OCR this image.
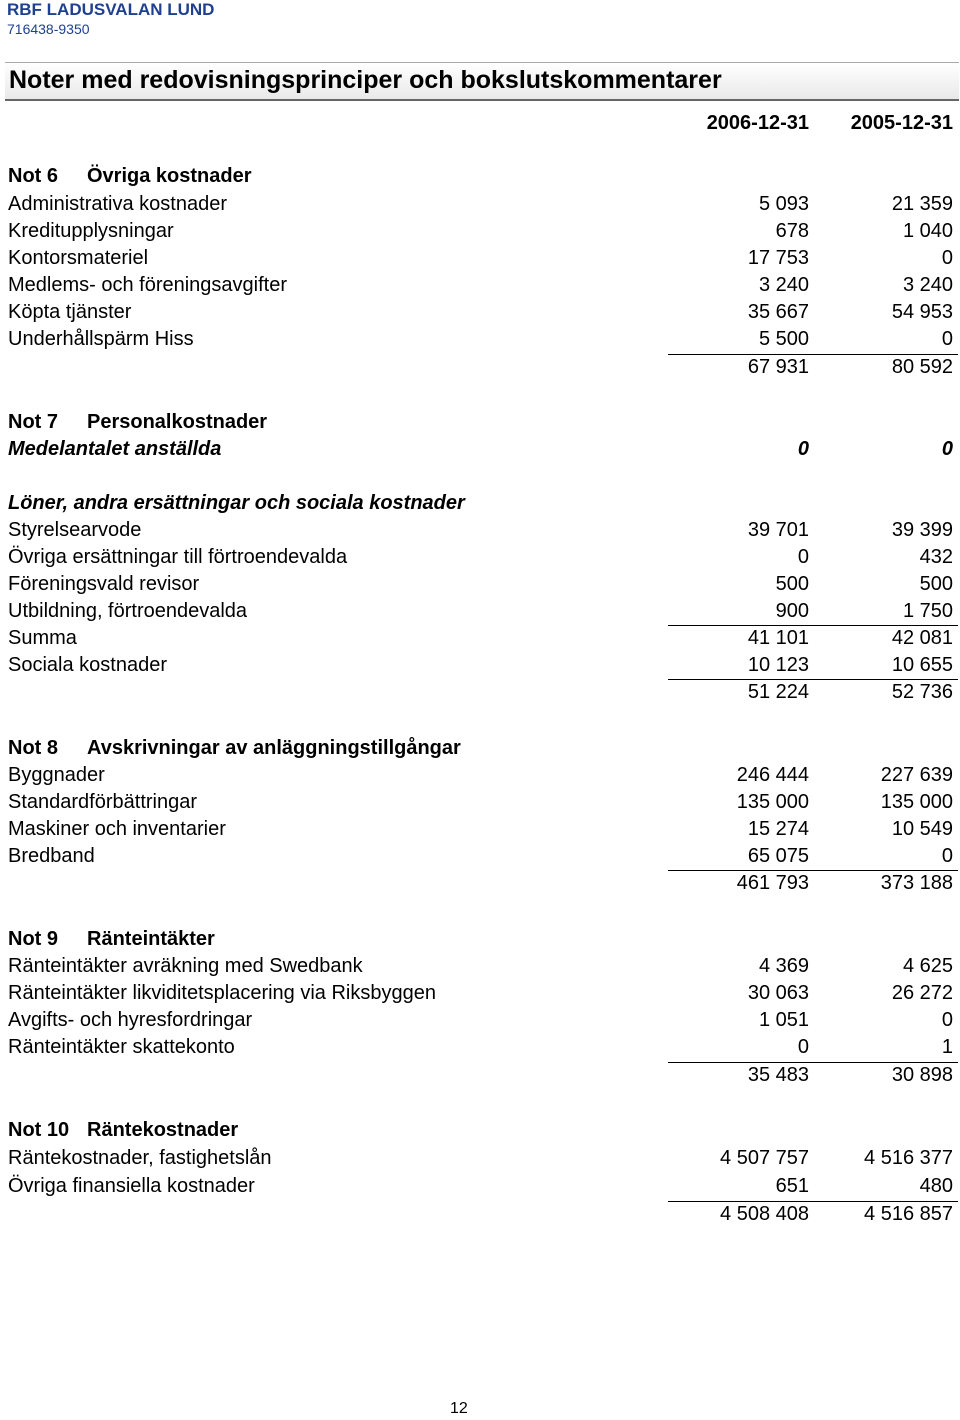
RBF LADUSVALAN LUND
716438-9350
Noter med redovisningsprinciper och bokslutskommentarer
2006-12-31 2005-12-31
Not 6 Övriga kostnader
Administrativa kostnader	5 093	21 359
Kreditupplysningar	678	1 040
Kontorsmateriel	17 753	0
Medlems- och föreningsavgifter	3 240	3 240
Köpta tjänster	35 667	54 953
Underhållspärm Hiss	5 500	0
67 931	80 592
Not 7 Personalkostnader
Medelantalet anställda	0	0
Löner, andra ersättningar och sociala kostnader
Styrelsearvode	39 701	39 399
Övriga ersättningar till förtroendevalda	0	432
Föreningsvald revisor	500	500
Utbildning, förtroendevalda	900	1 750
Summa	41 101	42 081
Sociala kostnader	10 123	10 655
51 224	52 736
Not 8 Avskrivningar av anläggningstillgångar
Byggnader	246 444	227 639
Standardförbättringar	135 000	135 000
Maskiner och inventarier	15 274	10 549
Bredband	65 075	0
461 793	373 188
Not 9 Ränteintäkter
Ränteintäkter avräkning med Swedbank	4 369	4 625
Ränteintäkter likviditetsplacering via Riksbyggen	30 063	26 272
Avgifts- och hyresfordringar	1 051	0
Ränteintäkter skattekonto	0	1
35 483	30 898
Not 10 Räntekostnader
Räntekostnader, fastighetslån	4 507 757	4 516 377
Övriga finansiella kostnader	651	480
4 508 408	4 516 857
12
